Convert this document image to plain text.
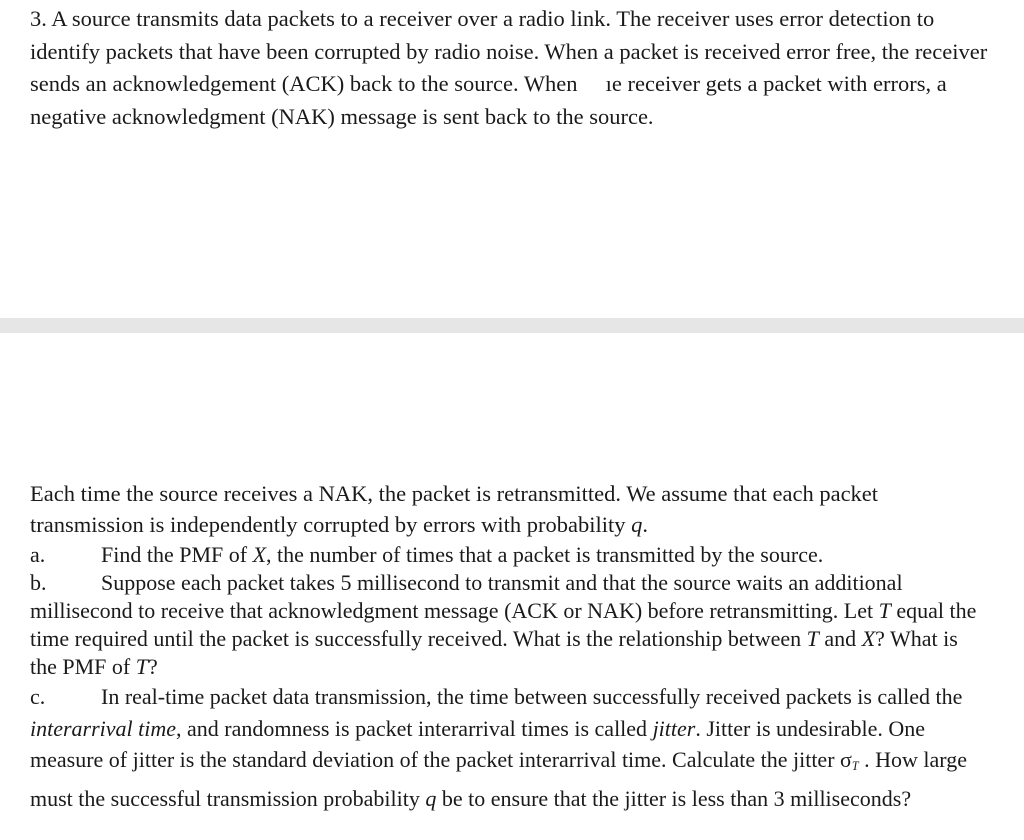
3. A source transmits data packets to a receiver over a radio link. The receiver uses error detection to identify packets that have been corrupted by radio noise. When a packet is received error free, the receiver sends an acknowledgement (ACK) back to the source. When     ıe receiver gets a packet with errors, a negative acknowledgment (NAK) message is sent back to the source.
Each time the source receives a NAK, the packet is retransmitted. We assume that each packet transmission is independently corrupted by errors with probability q.
a.	Find the PMF of X, the number of times that a packet is transmitted by the source.
b. Suppose each packet takes 5 millisecond to transmit and that the source waits an additional millisecond to receive that acknowledgment message (ACK or NAK) before retransmitting. Let T equal the time required until the packet is successfully received. What is the relationship between T and X? What is the PMF of T?
c.	In real-time packet data transmission, the time between successfully received packets is called the interarrival time, and randomness is packet interarrival times is called jitter. Jitter is undesirable. One measure of jitter is the standard deviation of the packet interarrival time. Calculate the jitter $\sigma_T$ . How large must the successful transmission probability q be to ensure that the jitter is less than 3 milliseconds?
